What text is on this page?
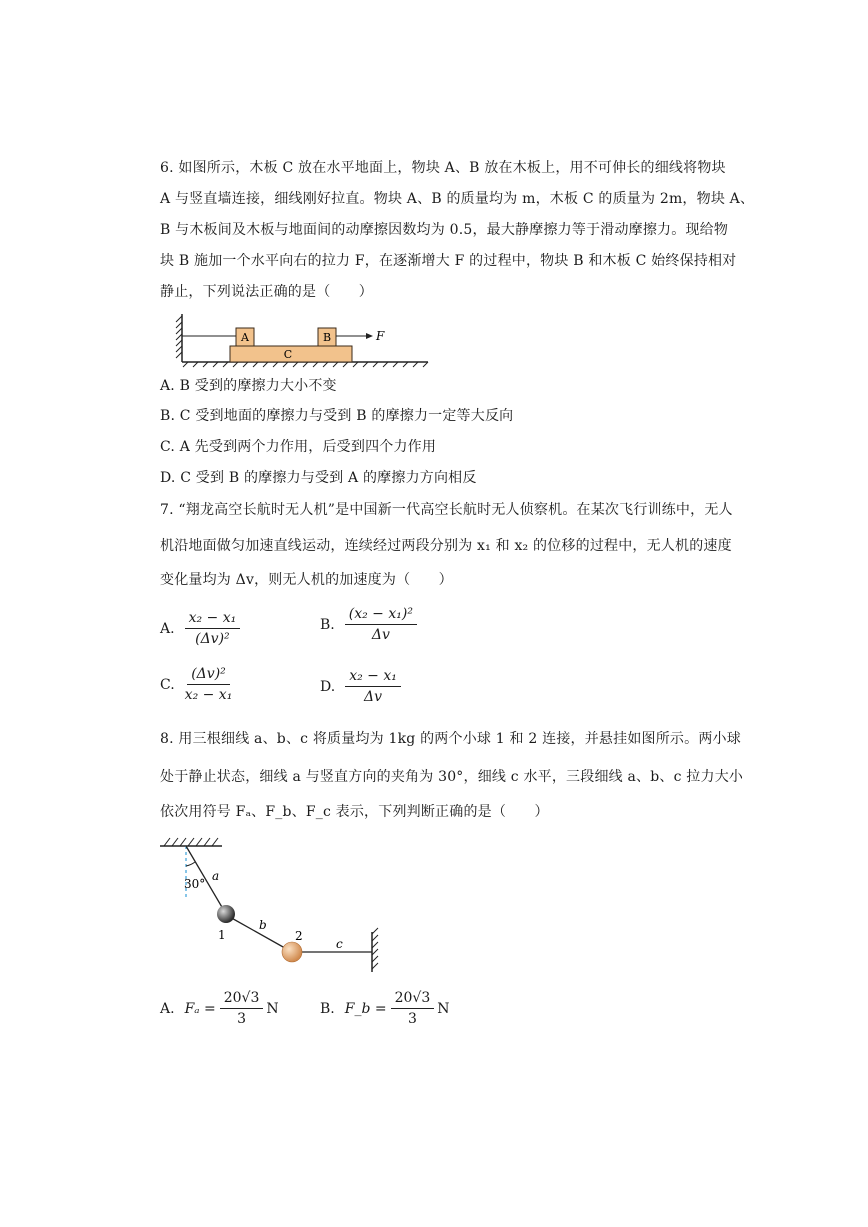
6. 如图所示，木板 C 放在水平地面上，物块 A、B 放在木板上，用不可伸长的细线将物块
A 与竖直墙连接，细线刚好拉直。物块 A、B 的质量均为 m，木板 C 的质量为 2m，物块 A、
B 与木板间及木板与地面间的动摩擦因数均为 0.5，最大静摩擦力等于滑动摩擦力。现给物
块 B 施加一个水平向右的拉力 F，在逐渐增大 F 的过程中，物块 B 和木板 C 始终保持相对
静止，下列说法正确的是（　　）
C
A	B	F
A. B 受到的摩擦力大小不变
B. C 受到地面的摩擦力与受到 B 的摩擦力一定等大反向
C. A 先受到两个力作用，后受到四个力作用
D. C 受到 B 的摩擦力与受到 A 的摩擦力方向相反
7. “翔龙高空长航时无人机”是中国新一代高空长航时无人侦察机。在某次飞行训练中，无人
机沿地面做匀加速直线运动，连续经过两段分别为 x₁ 和 x₂ 的位移的过程中，无人机的速度
变化量均为 Δv，则无人机的加速度为（　　）
A. $\frac{\text{x₂ − x₁}}{\text{(Δv)²}}$	B. $\frac{\text{(x₂ − x₁)²}}{\Delta v}$
C. $\frac{\text{(Δv)²}}{\text{x₂ − x₁}}$	D. $\frac{\text{x₂ − x₁}}{\Delta v}$
8. 用三根细线 a、b、c 将质量均为 1kg 的两个小球 1 和 2 连接，并悬挂如图所示。两小球
处于静止状态，细线 a 与竖直方向的夹角为 30°，细线 c 水平，三段细线 a、b、c 拉力大小
依次用符号 Fₐ、F_b、F_c 表示，下列判断正确的是（　　）
30°
a
b
1
c
2
A. $F_a = \frac{20√3}{3}$ N	B. F_b = $\frac{20√3}{3}$ N
